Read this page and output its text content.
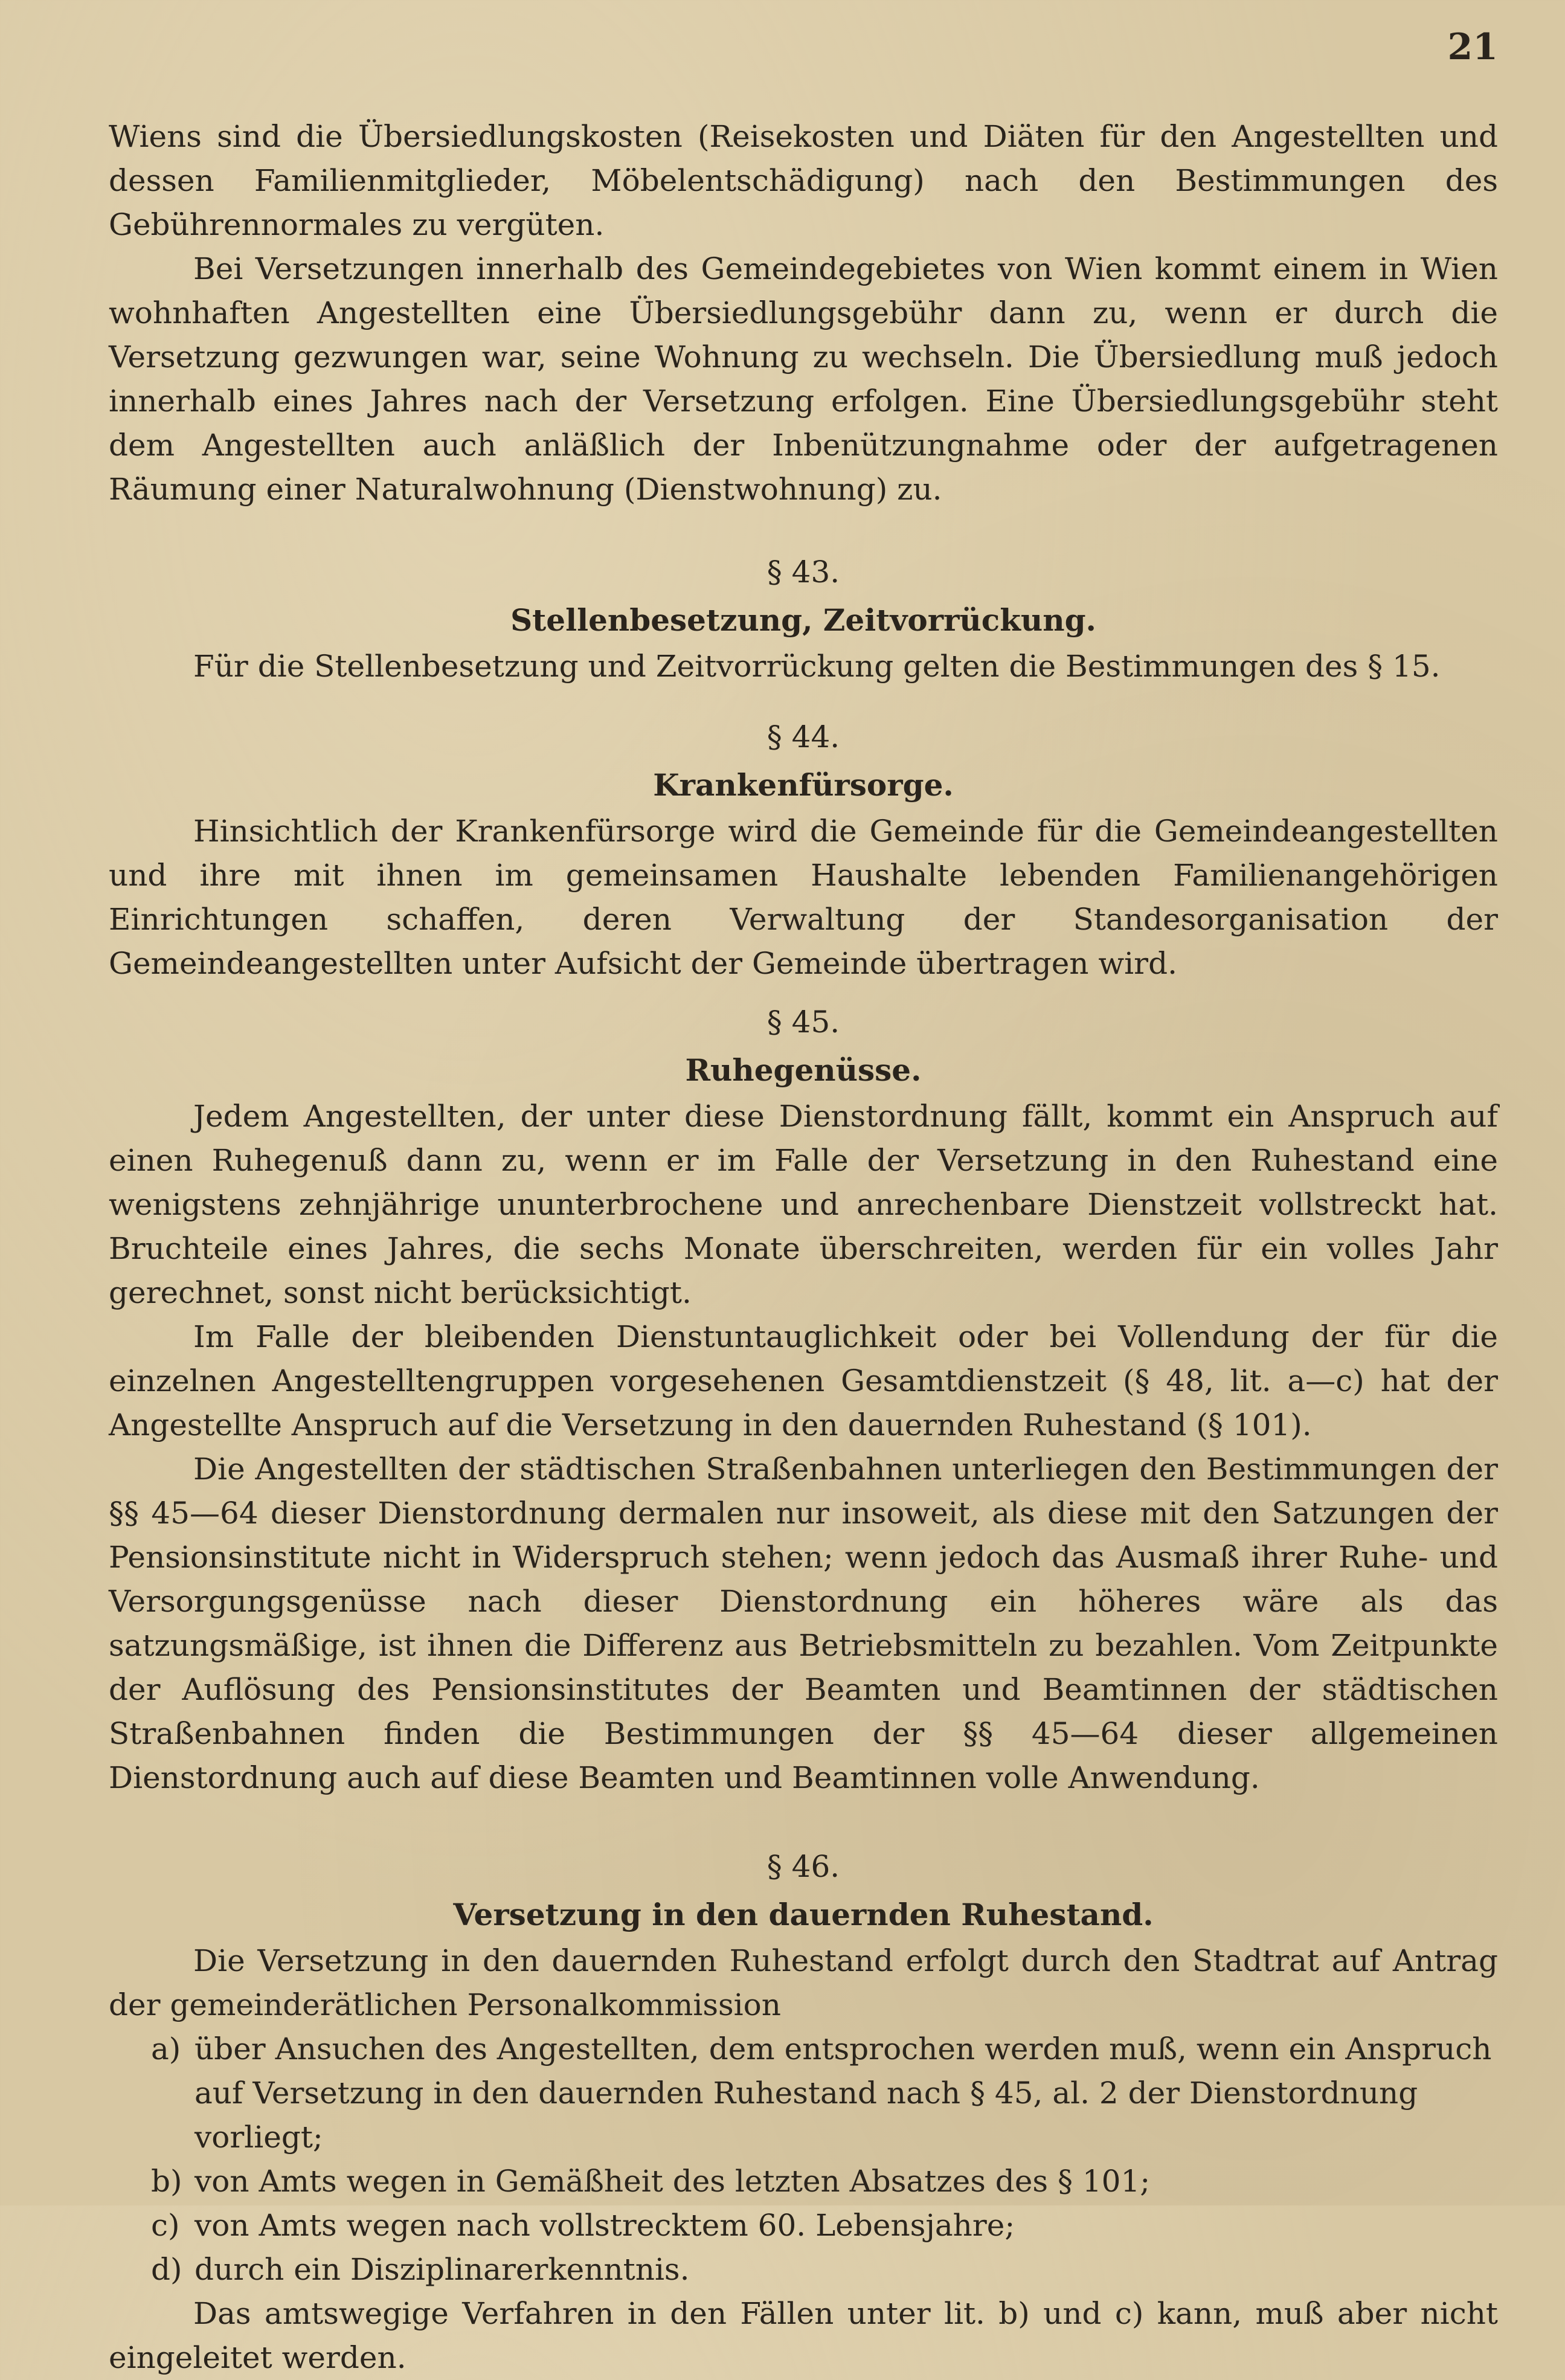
21

Wiens sind die Übersiedlungskosten (Reisekosten und Diäten für den Angestellten und dessen Familienmitglieder, Möbelentschädigung) nach den Bestimmungen des Gebührennormales zu vergüten.

Bei Versetzungen innerhalb des Gemeindegebietes von Wien kommt einem in Wien wohnhaften Angestellten eine Übersiedlungsgebühr dann zu, wenn er durch die Versetzung gezwungen war, seine Wohnung zu wechseln. Die Übersiedlung muß jedoch innerhalb eines Jahres nach der Versetzung erfolgen. Eine Übersiedlungsgebühr steht dem Angestellten auch anläßlich der Inbenützungnahme oder der aufgetragenen Räumung einer Naturalwohnung (Dienstwohnung) zu.

§ 43.
Stellenbesetzung, Zeitvorrückung.

Für die Stellenbesetzung und Zeitvorrückung gelten die Bestimmungen des § 15.

§ 44.
Krankenfürsorge.

Hinsichtlich der Krankenfürsorge wird die Gemeinde für die Gemeindeangestellten und ihre mit ihnen im gemeinsamen Haushalte lebenden Familienangehörigen Einrichtungen schaffen, deren Verwaltung der Standesorganisation der Gemeindeangestellten unter Aufsicht der Gemeinde übertragen wird.

§ 45.
Ruhegenüsse.

Jedem Angestellten, der unter diese Dienstordnung fällt, kommt ein Anspruch auf einen Ruhegenuß dann zu, wenn er im Falle der Versetzung in den Ruhestand eine wenigstens zehnjährige ununterbrochene und anrechenbare Dienstzeit vollstreckt hat. Bruchteile eines Jahres, die sechs Monate überschreiten, werden für ein volles Jahr gerechnet, sonst nicht berücksichtigt.

Im Falle der bleibenden Dienstuntauglichkeit oder bei Vollendung der für die einzelnen Angestelltengruppen vorgesehenen Gesamtdienstzeit (§ 48, lit. a—c) hat der Angestellte Anspruch auf die Versetzung in den dauernden Ruhestand (§ 101).

Die Angestellten der städtischen Straßenbahnen unterliegen den Bestimmungen der §§ 45—64 dieser Dienstordnung dermalen nur insoweit, als diese mit den Satzungen der Pensionsinstitute nicht in Widerspruch stehen; wenn jedoch das Ausmaß ihrer Ruhe- und Versorgungsgenüsse nach dieser Dienstordnung ein höheres wäre als das satzungsmäßige, ist ihnen die Differenz aus Betriebsmitteln zu bezahlen. Vom Zeitpunkte der Auflösung des Pensionsinstitutes der Beamten und Beamtinnen der städtischen Straßenbahnen finden die Bestimmungen der §§ 45—64 dieser allgemeinen Dienstordnung auch auf diese Beamten und Beamtinnen volle Anwendung.

§ 46.
Versetzung in den dauernden Ruhestand.

Die Versetzung in den dauernden Ruhestand erfolgt durch den Stadtrat auf Antrag der gemeinderätlichen Personalkommission

a) über Ansuchen des Angestellten, dem entsprochen werden muß, wenn ein Anspruch auf Versetzung in den dauernden Ruhestand nach § 45, al. 2 der Dienstordnung vorliegt;

b) von Amts wegen in Gemäßheit des letzten Absatzes des § 101;

c) von Amts wegen nach vollstrecktem 60. Lebensjahre;

d) durch ein Disziplinarerkenntnis.

Das amtswegige Verfahren in den Fällen unter lit. b) und c) kann, muß aber nicht eingeleitet werden.
